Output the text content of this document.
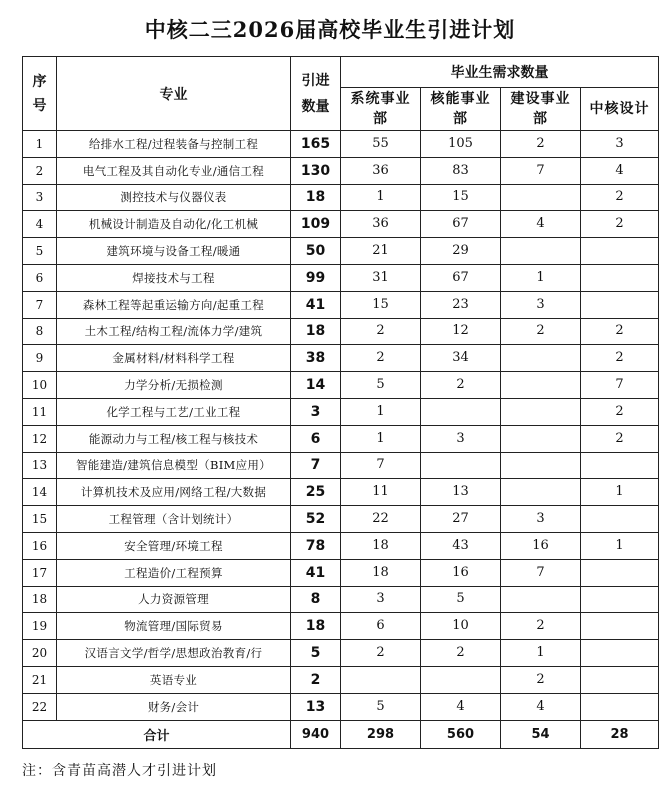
中核二三2026届高校毕业生引进计划
序号	专业	引进数量	毕业生需求数量			
			系统事业部	核能事业部	建设事业部	中核设计
1	给排水工程/过程装备与控制工程	165	55	105	2	3
2	电气工程及其自动化专业/通信工程	130	36	83	7	4
3	测控技术与仪器仪表	18	1	15		2
4	机械设计制造及自动化/化工机械	109	36	67	4	2
5	建筑环境与设备工程/暖通	50	21	29		
6	焊接技术与工程	99	31	67	1	
7	森林工程等起重运输方向/起重工程	41	15	23	3	
8	土木工程/结构工程/流体力学/建筑	18	2	12	2	2
9	金属材料/材料科学工程	38	2	34		2
10	力学分析/无损检测	14	5	2		7
11	化学工程与工艺/工业工程	3	1			2
12	能源动力与工程/核工程与核技术	6	1	3		2
13	智能建造/建筑信息模型（BIM应用）	7	7			
14	计算机技术及应用/网络工程/大数据	25	11	13		1
15	工程管理（含计划统计）	52	22	27	3	
16	安全管理/环境工程	78	18	43	16	1
17	工程造价/工程预算	41	18	16	7	
18	人力资源管理	8	3	5		
19	物流管理/国际贸易	18	6	10	2	
20	汉语言文学/哲学/思想政治教育/行	5	2	2	1	
21	英语专业	2			2	
22	财务/会计	13	5	4	4	
合计		940	298	560	54	28
注：含青苗高潜人才引进计划
